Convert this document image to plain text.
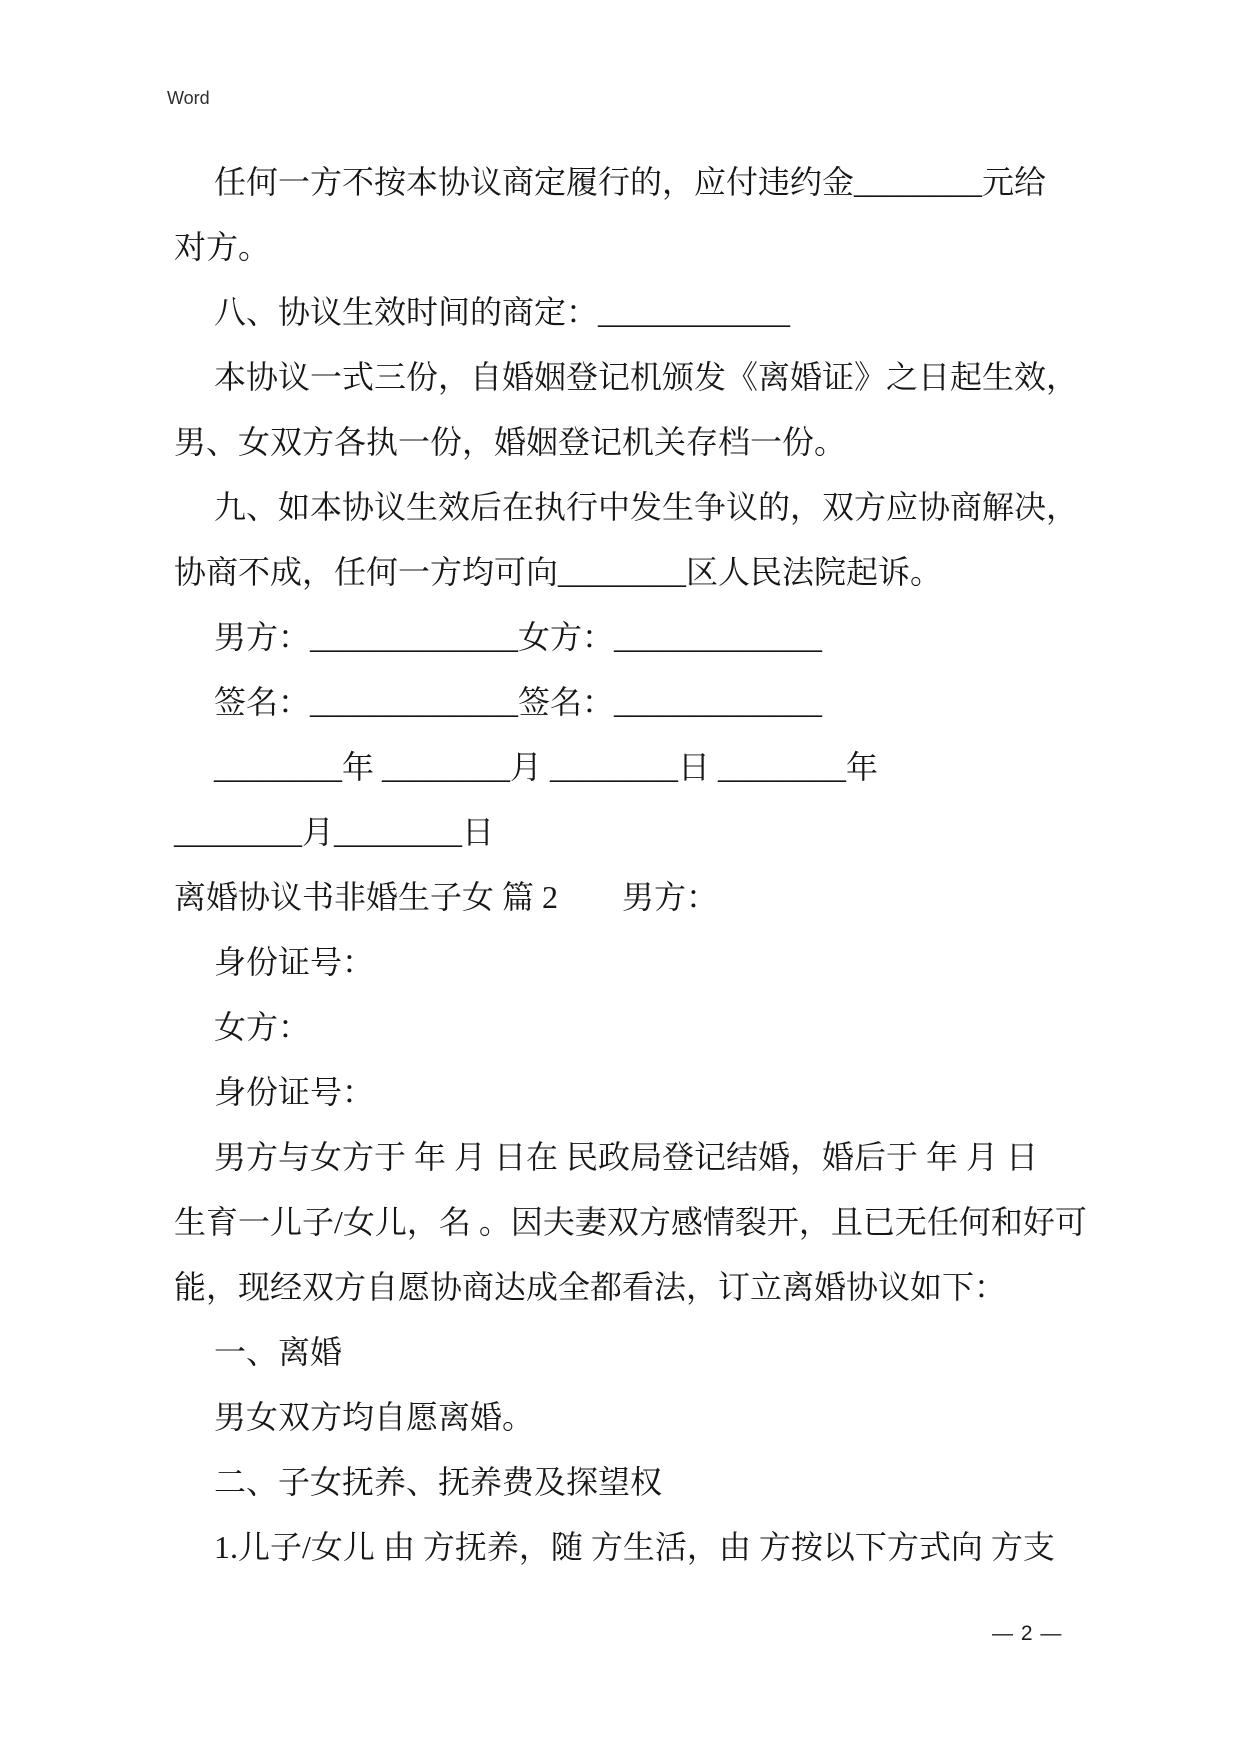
Word
任何一方不按本协议商定履行的，应付违约金________元给
对方。
八、协议生效时间的商定：____________
本协议一式三份，自婚姻登记机颁发《离婚证》之日起生效，
男、女双方各执一份，婚姻登记机关存档一份。
九、如本协议生效后在执行中发生争议的，双方应协商解决，
协商不成，任何一方均可向________区人民法院起诉。
男方：_____________女方：_____________
签名：_____________签名：_____________
________年 ________月 ________日 ________年
________月________日
离婚协议书非婚生子女 篇 2　　男方：
身份证号：
女方：
身份证号：
男方与女方于 年 月 日在 民政局登记结婚，婚后于 年 月 日
生育一儿子/女儿，名 。因夫妻双方感情裂开，且已无任何和好可
能，现经双方自愿协商达成全都看法，订立离婚协议如下：
一、离婚
男女双方均自愿离婚。
二、子女抚养、抚养费及探望权
1.儿子/女儿 由 方抚养，随 方生活，由 方按以下方式向 方支
— 2 —
